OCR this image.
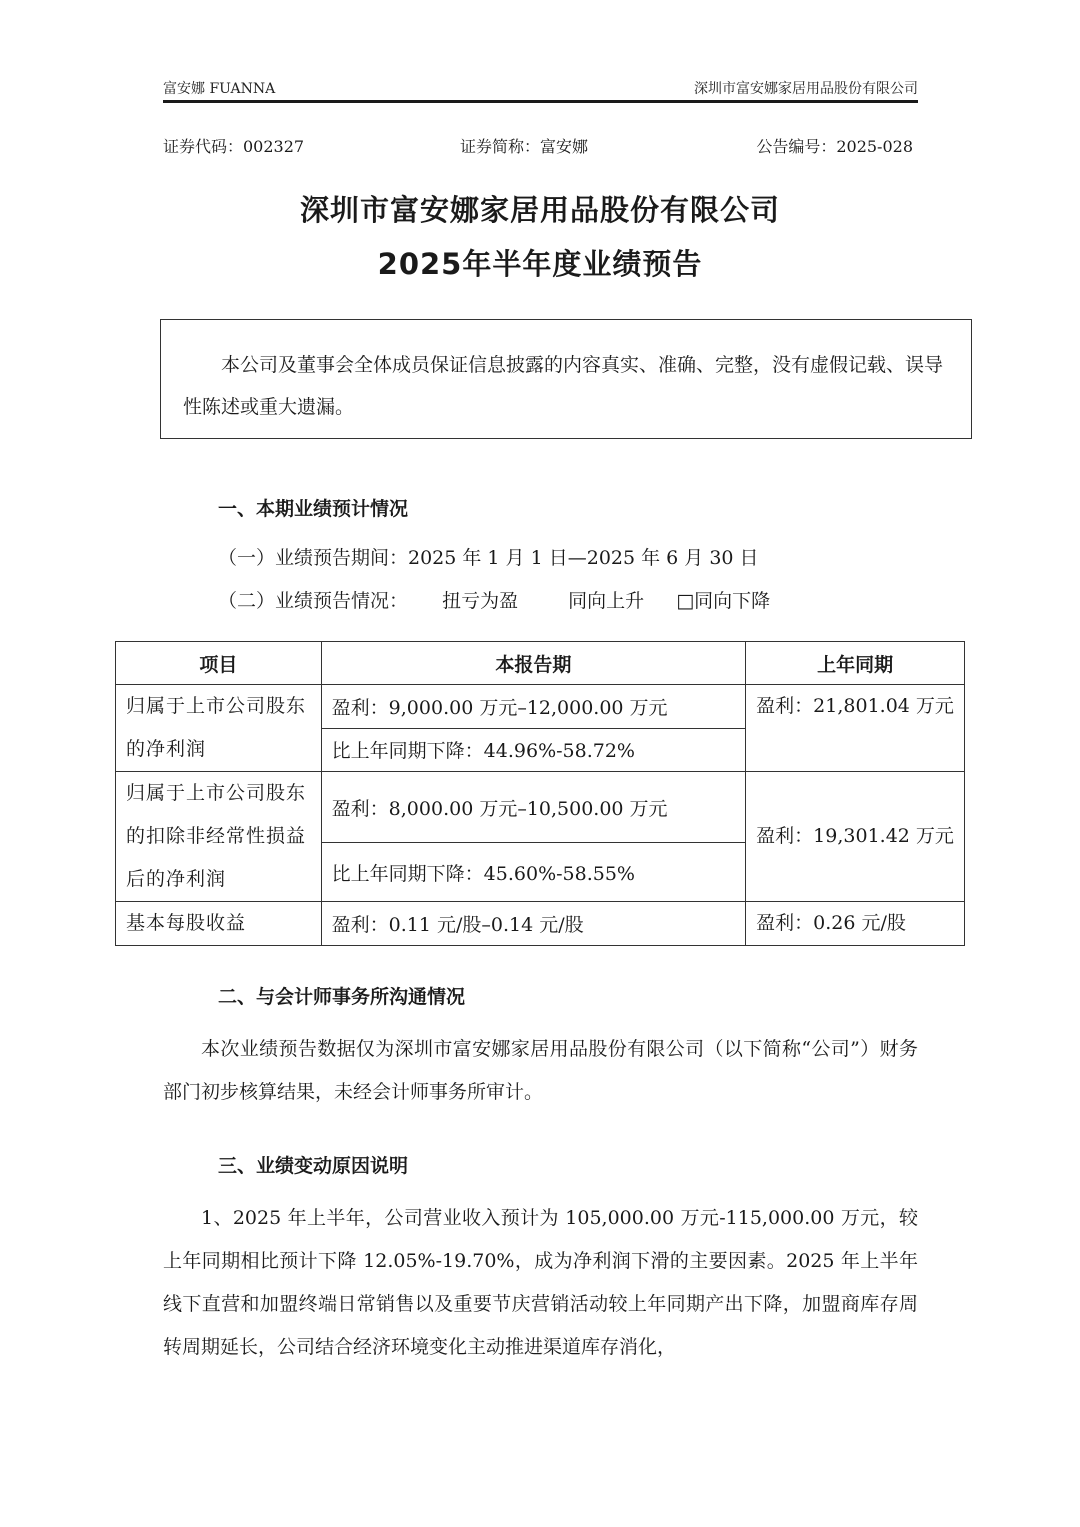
富安娜 FUANNA	深圳市富安娜家居用品股份有限公司
证券代码：002327	证券简称：富安娜	公告编号：2025-028
深圳市富安娜家居用品股份有限公司
2025年半年度业绩预告

本公司及董事会全体成员保证信息披露的内容真实、准确、完整，没有虚假记载、误导性陈述或重大遗漏。

一、本期业绩预计情况
（一）业绩预告期间：2025 年 1 月 1 日—2025 年 6 月 30 日
（二）业绩预告情况： 扭亏为盈	同向上升 □同向下降
项目	本报告期	上年同期
归属于上市公司股东的净利润	盈利：9,000.00 万元–12,000.00 万元	盈利：21,801.04 万元
	比上年同期下降：44.96%-58.72%	
归属于上市公司股东的扣除非经常性损益后的净利润	盈利：8,000.00 万元–10,500.00 万元	盈利：19,301.42 万元
	比上年同期下降：45.60%-58.55%	
基本每股收益	盈利：0.11 元/股–0.14 元/股	盈利：0.26 元/股
二、与会计师事务所沟通情况

本次业绩预告数据仅为深圳市富安娜家居用品股份有限公司（以下简称“公司”）财务部门初步核算结果，未经会计师事务所审计。

三、业绩变动原因说明

1、2025 年上半年，公司营业收入预计为 105,000.00 万元-115,000.00 万元，较上年同期相比预计下降 12.05%-19.70%，成为净利润下滑的主要因素。2025 年上半年线下直营和加盟终端日常销售以及重要节庆营销活动较上年同期产出下降，加盟商库存周转周期延长，公司结合经济环境变化主动推进渠道库存消化，
